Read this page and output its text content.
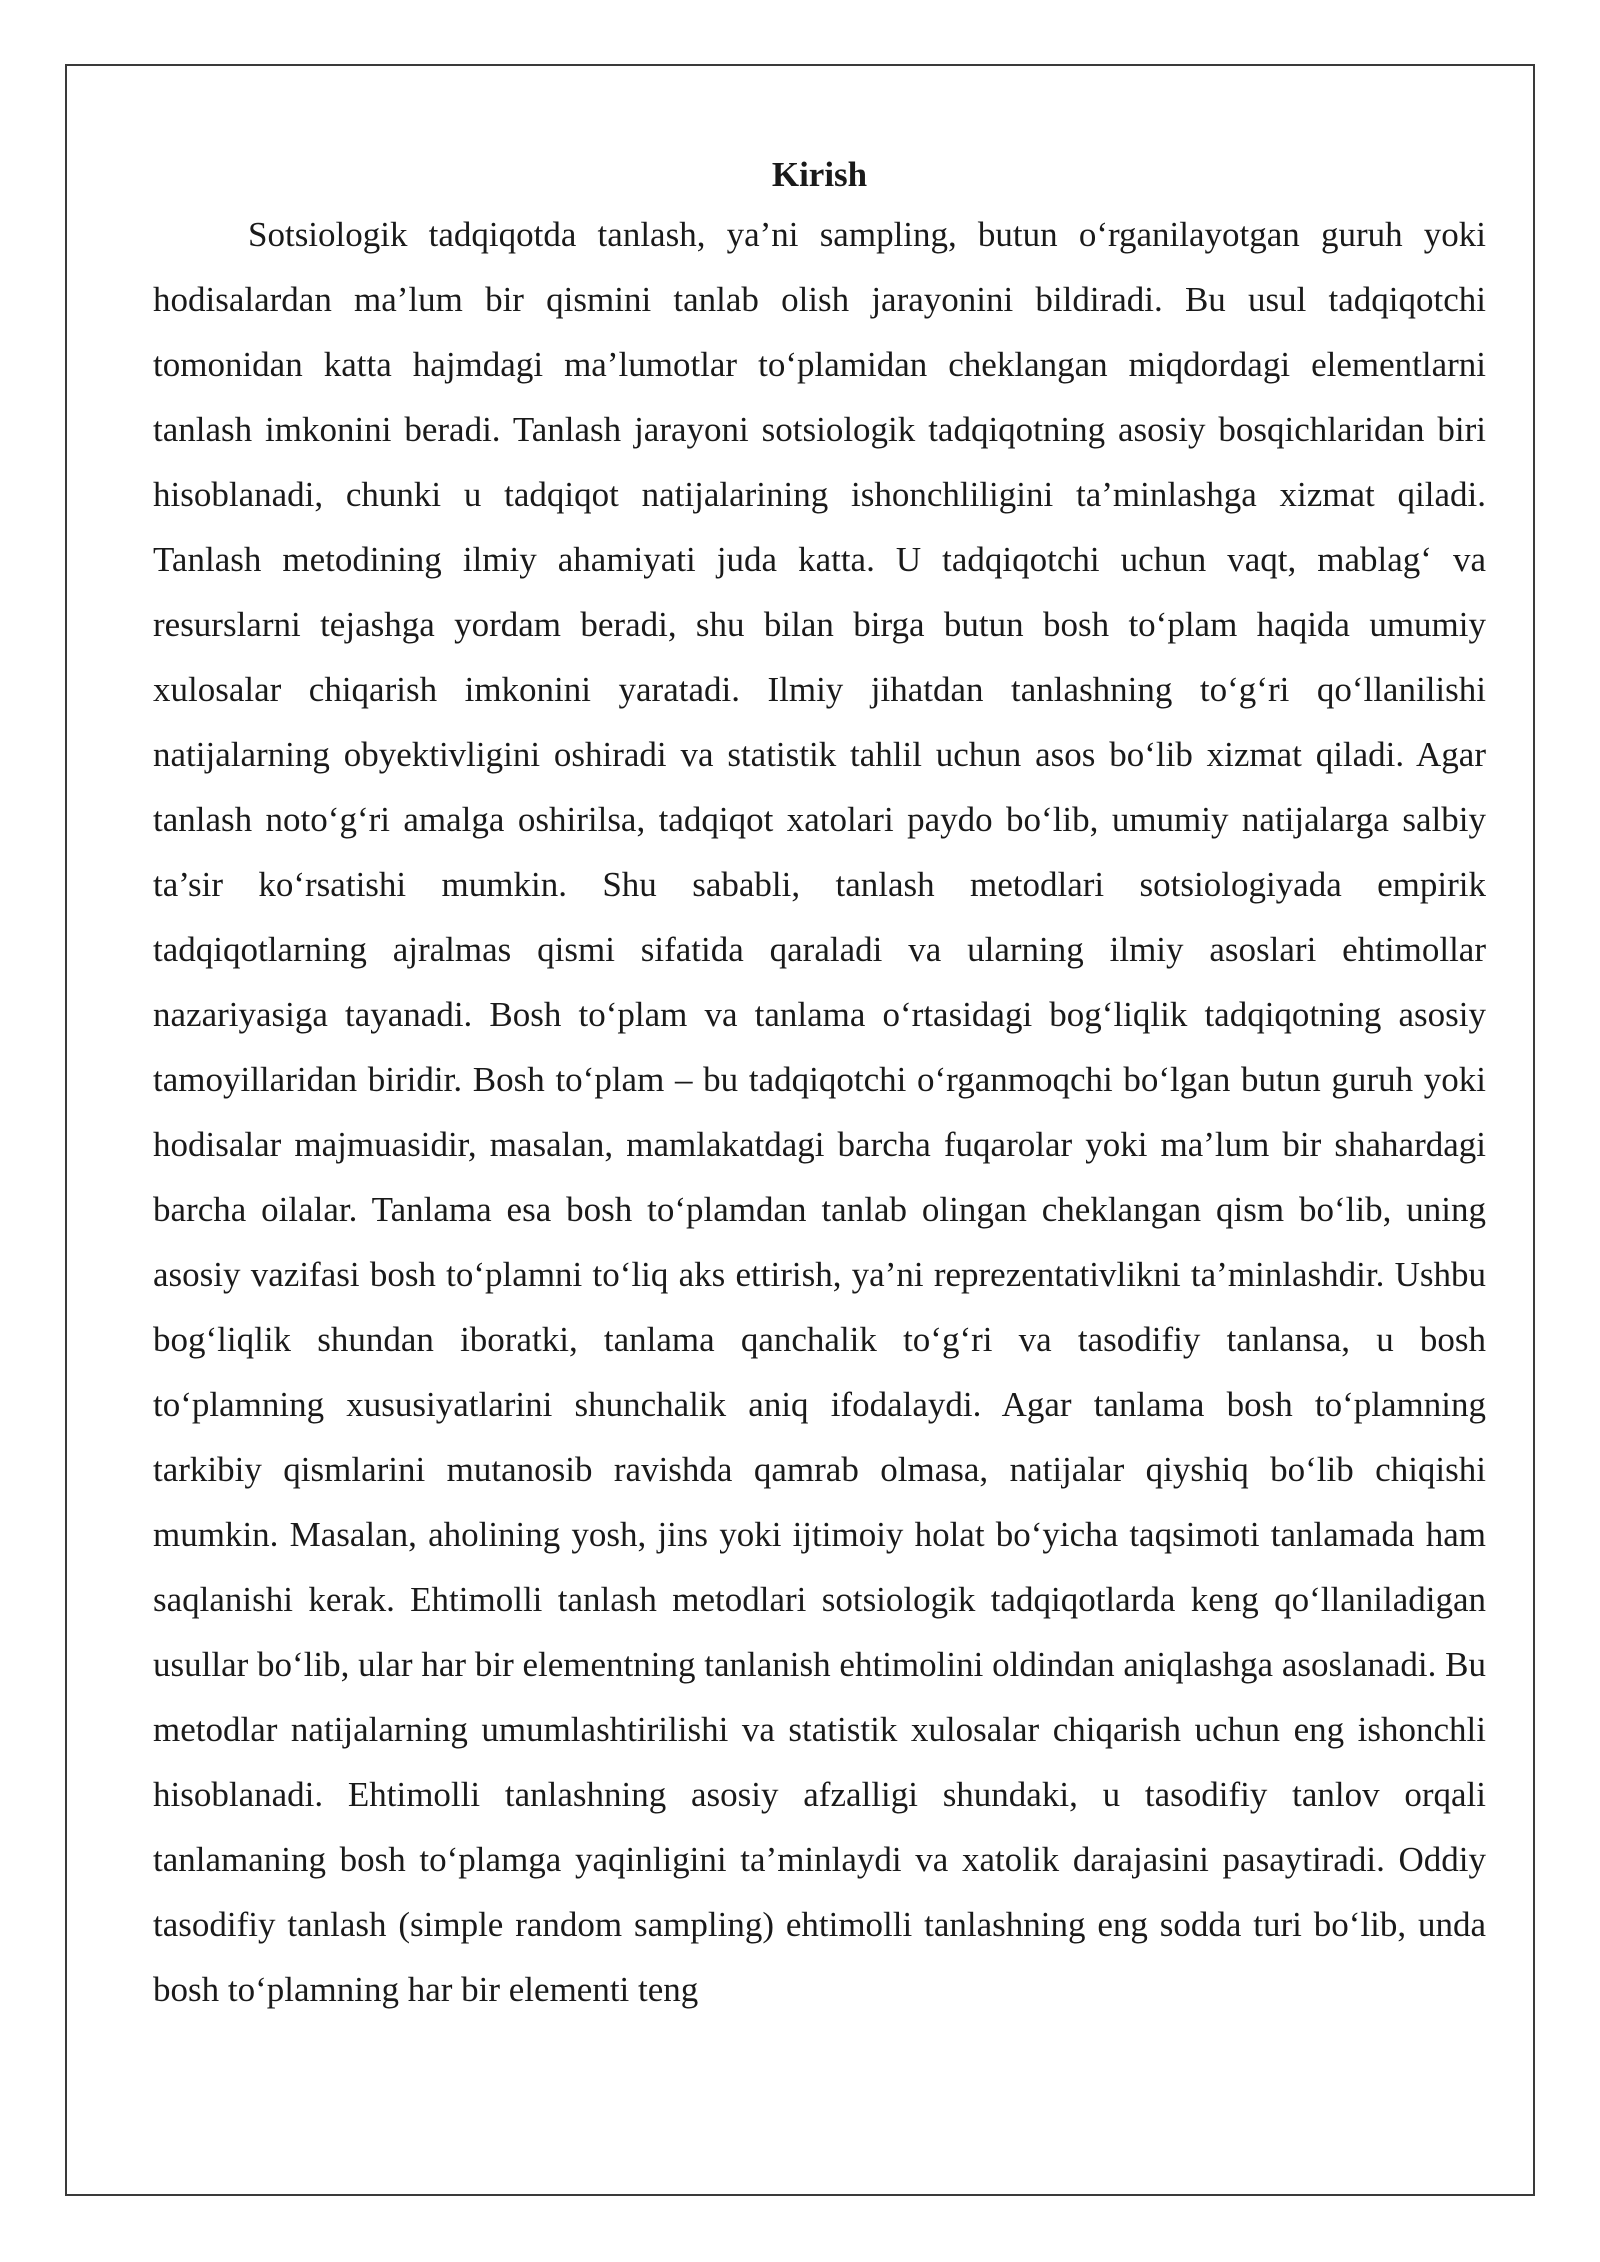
Kirish

Sotsiologik tadqiqotda tanlash, ya’ni sampling, butun o‘rganilayotgan guruh yoki hodisalardan ma’lum bir qismini tanlab olish jarayonini bildiradi. Bu usul tadqiqotchi tomonidan katta hajmdagi ma’lumotlar to‘plamidan cheklangan miqdordagi elementlarni tanlash imkonini beradi. Tanlash jarayoni sotsiologik tadqiqotning asosiy bosqichlaridan biri hisoblanadi, chunki u tadqiqot natijalarining ishonchliligini ta’minlashga xizmat qiladi. Tanlash metodining ilmiy ahamiyati juda katta. U tadqiqotchi uchun vaqt, mablag‘ va resurslarni tejashga yordam beradi, shu bilan birga butun bosh to‘plam haqida umumiy xulosalar chiqarish imkonini yaratadi. Ilmiy jihatdan tanlashning to‘g‘ri qo‘llanilishi natijalarning obyektivligini oshiradi va statistik tahlil uchun asos bo‘lib xizmat qiladi. Agar tanlash noto‘g‘ri amalga oshirilsa, tadqiqot xatolari paydo bo‘lib, umumiy natijalarga salbiy ta’sir ko‘rsatishi mumkin. Shu sababli, tanlash metodlari sotsiologiyada empirik tadqiqotlarning ajralmas qismi sifatida qaraladi va ularning ilmiy asoslari ehtimollar nazariyasiga tayanadi. Bosh to‘plam va tanlama o‘rtasidagi bog‘liqlik tadqiqotning asosiy tamoyillaridan biridir. Bosh to‘plam – bu tadqiqotchi o‘rganmoqchi bo‘lgan butun guruh yoki hodisalar majmuasidir, masalan, mamlakatdagi barcha fuqarolar yoki ma’lum bir shahardagi barcha oilalar. Tanlama esa bosh to‘plamdan tanlab olingan cheklangan qism bo‘lib, uning asosiy vazifasi bosh to‘plamni to‘liq aks ettirish, ya’ni reprezentativlikni ta’minlashdir. Ushbu bog‘liqlik shundan iboratki, tanlama qanchalik to‘g‘ri va tasodifiy tanlansa, u bosh to‘plamning xususiyatlarini shunchalik aniq ifodalaydi. Agar tanlama bosh to‘plamning tarkibiy qismlarini mutanosib ravishda qamrab olmasa, natijalar qiyshiq bo‘lib chiqishi mumkin. Masalan, aholining yosh, jins yoki ijtimoiy holat bo‘yicha taqsimoti tanlamada ham saqlanishi kerak. Ehtimolli tanlash metodlari sotsiologik tadqiqotlarda keng qo‘llaniladigan usullar bo‘lib, ular har bir elementning tanlanish ehtimolini oldindan aniqlashga asoslanadi. Bu metodlar natijalarning umumlashtirilishi va statistik xulosalar chiqarish uchun eng ishonchli hisoblanadi. Ehtimolli tanlashning asosiy afzalligi shundaki, u tasodifiy tanlov orqali tanlamaning bosh to‘plamga yaqinligini ta’minlaydi va xatolik darajasini pasaytiradi. Oddiy tasodifiy tanlash (simple random sampling) ehtimolli tanlashning eng sodda turi bo‘lib, unda bosh to‘plamning har bir elementi teng
